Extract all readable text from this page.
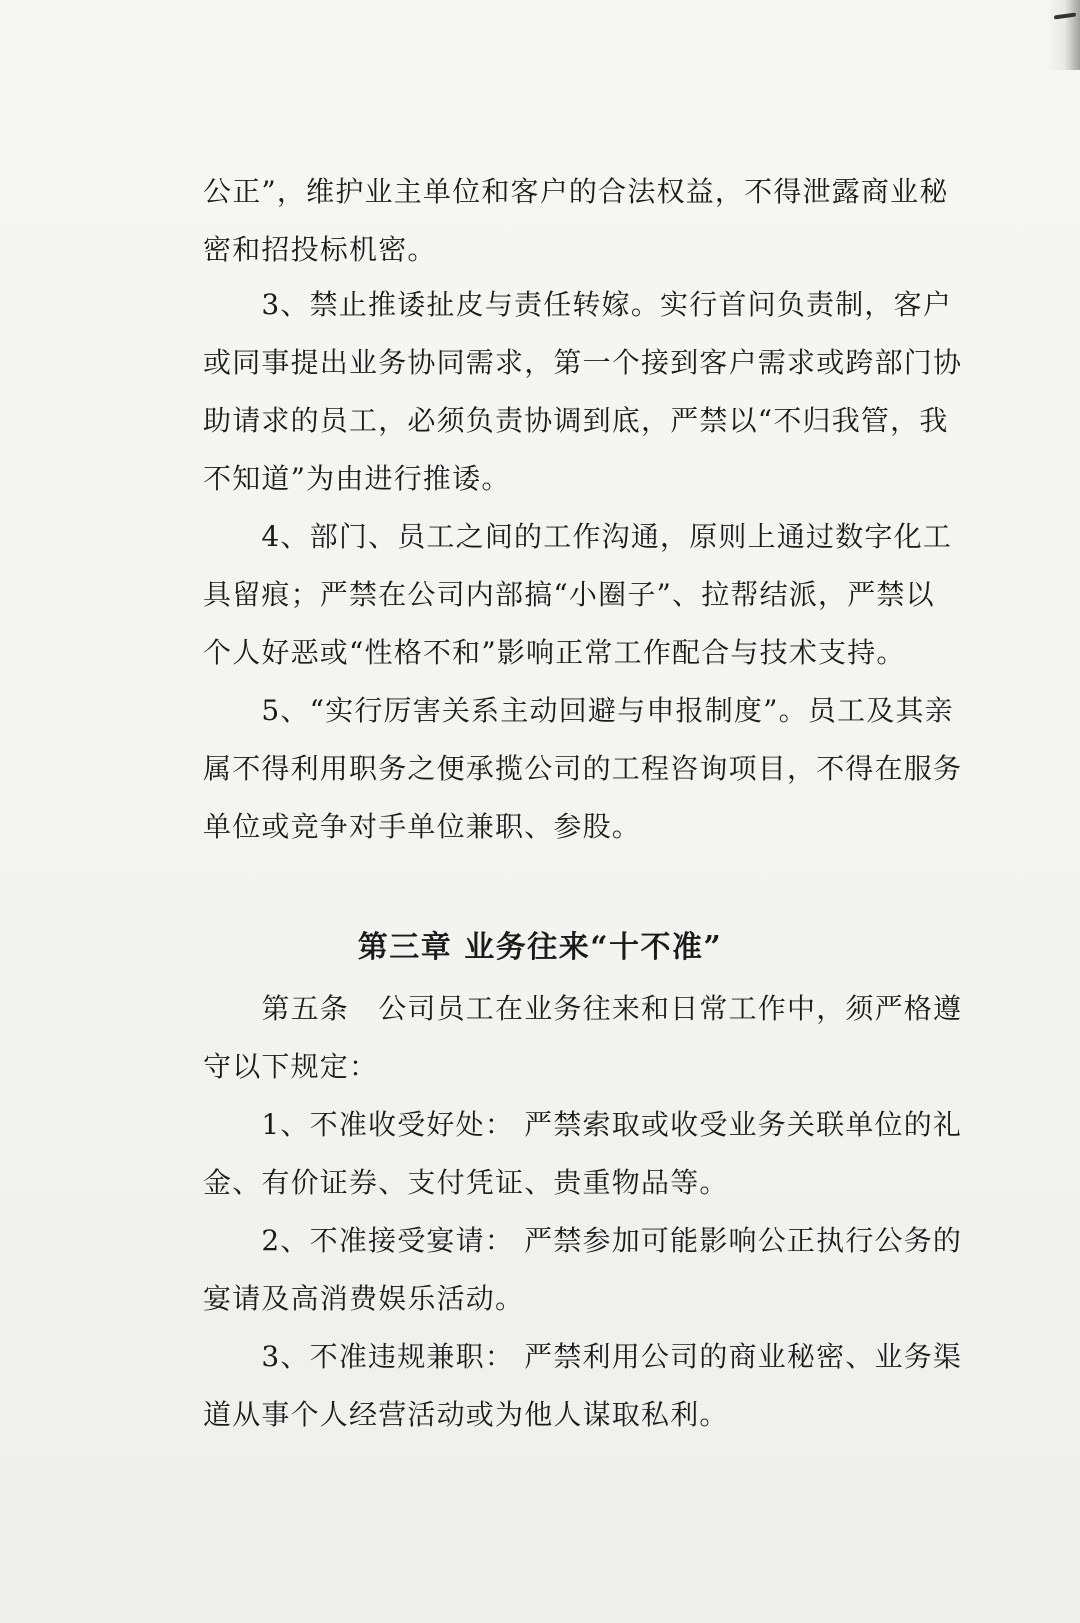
公正”，维护业主单位和客户的合法权益，不得泄露商业秘
密和招投标机密。
　　3、禁止推诿扯皮与责任转嫁。实行首问负责制，客户
或同事提出业务协同需求，第一个接到客户需求或跨部门协
助请求的员工，必须负责协调到底，严禁以“不归我管，我
不知道”为由进行推诿。
　　4、部门、员工之间的工作沟通，原则上通过数字化工
具留痕；严禁在公司内部搞“小圈子”、拉帮结派，严禁以
个人好恶或“性格不和”影响正常工作配合与技术支持。
　　5、“实行厉害关系主动回避与申报制度”。员工及其亲
属不得利用职务之便承揽公司的工程咨询项目，不得在服务
单位或竞争对手单位兼职、参股。
第三章 业务往来“十不准”
　　第五条　公司员工在业务往来和日常工作中，须严格遵
守以下规定：
　　1、不准收受好处： 严禁索取或收受业务关联单位的礼
金、有价证券、支付凭证、贵重物品等。
　　2、不准接受宴请： 严禁参加可能影响公正执行公务的
宴请及高消费娱乐活动。
　　3、不准违规兼职： 严禁利用公司的商业秘密、业务渠
道从事个人经营活动或为他人谋取私利。
